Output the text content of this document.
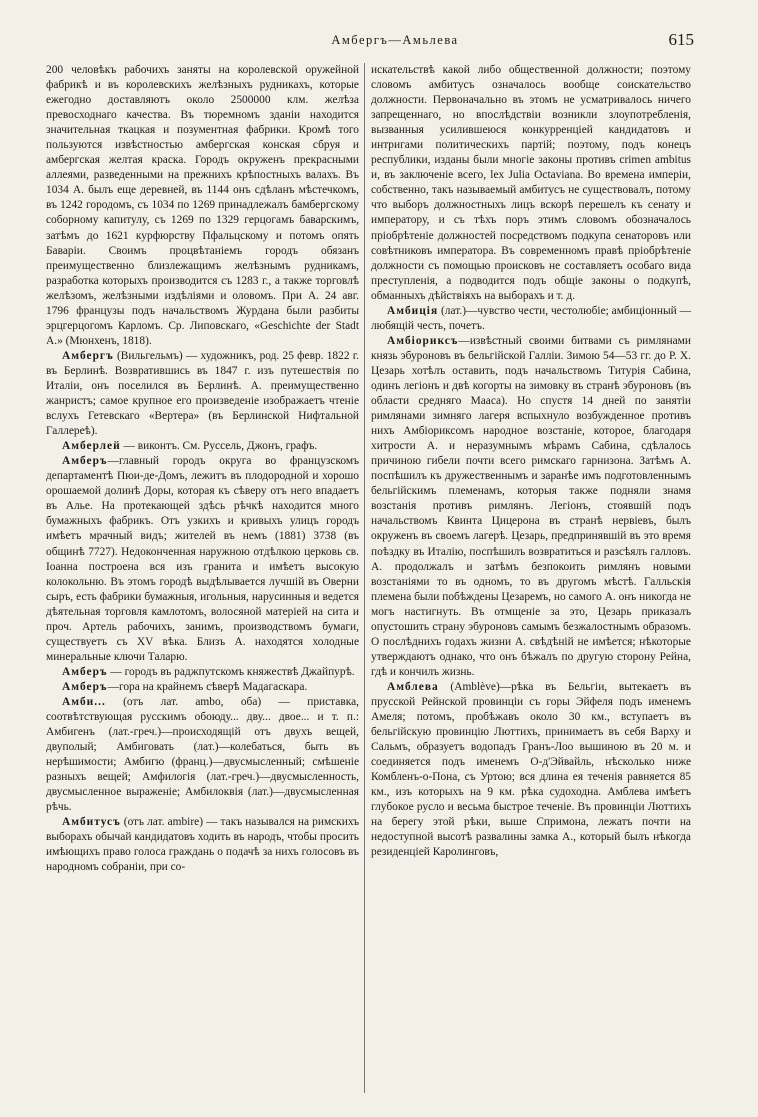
Амбергъ—Амьлева	615

200 человѣкъ рабочихъ заняты на королевской оружейной фабрикѣ и въ королевскихъ желѣзныхъ рудникахъ, которые ежегодно доставляютъ около 2500000 клм. желѣза превосходнаго качества. Въ тюремномъ зданіи находится значительная ткацкая и позументная фабрики. Кромѣ того пользуются извѣстностью амбергская конская сбруя и амбергская желтая краска. Городъ окруженъ прекрасными аллеями, разведенными на прежнихъ крѣпостныхъ валахъ. Въ 1034 А. былъ еще деревней, въ 1144 онъ сдѣланъ мѣстечкомъ, въ 1242 городомъ, съ 1034 по 1269 принадлежалъ бамбергскому соборному капитулу, съ 1269 по 1329 герцогамъ баварскимъ, затѣмъ до 1621 курфюрству Пфальцскому и потомъ опять Баваріи. Своимъ процвѣтаніемъ городъ обязанъ преимущественно близлежащимъ желѣзнымъ рудникамъ, разработка которыхъ производится съ 1283 г., а также торговлѣ желѣзомъ, желѣзными издѣліями и оловомъ. При А. 24 авг. 1796 французы подъ начальствомъ Журдана были разбиты эрцгерцогомъ Карломъ. Ср. Липовскаго, «Geschichte der Stadt A.» (Мюнхенъ, 1818).

Амбергъ (Вильгельмъ) — художникъ, род. 25 февр. 1822 г. въ Берлинѣ. Возвратившись въ 1847 г. изъ путешествія по Италіи, онъ поселился въ Берлинѣ. А. преимущественно жанристъ; самое крупное его произведеніе изображаетъ чтеніе вслухъ Гетевскаго «Вертера» (въ Берлинской Нифтальной Галлереѣ).

Амберлей — виконтъ. См. Руссель, Джонъ, графъ.

Амберъ—главный городъ округа во французскомъ департаментѣ Пюи-де-Домъ, лежитъ въ плодородной и хорошо орошаемой долинѣ Доры, которая къ сѣверу отъ него впадаетъ въ Алье. На протекающей здѣсь рѣчкѣ находится много бумажныхъ фабрикъ. Отъ узкихъ и кривыхъ улицъ городъ имѣетъ мрачный видъ; жителей въ немъ (1881) 3738 (въ общинѣ 7727). Недоконченная наружною отдѣлкою церковь св. Іоанна построена вся изъ гранита и имѣетъ высокую колокольню. Въ этомъ городѣ выдѣлывается лучшій въ Оверни сыръ, есть фабрики бумажныя, игольныя, нарусинныя и ведется дѣятельная торговля камлотомъ, волосяной матеріей на сита и проч. Артель рабочихъ, занимъ, производствомъ бумаги, существуетъ съ XV вѣка. Близъ А. находятся холодные минеральные ключи Таларю.

Амберъ — городъ въ раджпутскомъ княжествѣ Джайпурѣ.

Амберъ—гора на крайнемъ сѣверѣ Мадагаскара.

Амби... (отъ лат. ambo, оба) — приставка, соотвѣтствующая русскимъ обоюду... дву... двое... и т. п.: Амбигенъ (лат.-греч.)—происходящій отъ двухъ вещей, двуполый; Амбиговать (лат.)—колебаться, быть въ нерѣшимости; Амбигю (франц.)—двусмысленный; смѣшеніе разныхъ вещей; Амфилогія (лат.-греч.)—двусмысленность, двусмысленное выраженіе; Амбилоквія (лат.)—двусмысленная рѣчь.

Амбитусъ (отъ лат. ambire) — такъ назывался на римскихъ выборахъ обычай кандидатовъ ходить въ народъ, чтобы просить имѣющихъ право голоса граждань о подачѣ за нихъ голосовъ въ народномъ собраніи, при со-

искательствѣ какой либо общественной должности; поэтому словомъ амбитусъ означалось вообще соискательство должности. Первоначально въ этомъ не усматривалось ничего запрещеннаго, но впослѣдствіи возникли злоупотребленія, вызванныя усилившеюся конкурренціей кандидатовъ и интригами политическихъ партій; поэтому, подъ конецъ республики, изданы были многіе законы противъ crimen ambitus и, въ заключеніе всего, lex Julia Octaviana. Во времена имперіи, собственно, такъ называемый амбитусъ не существовалъ, потому что выборъ должностныхъ лицъ вскорѣ перешелъ къ сенату и императору, и съ тѣхъ поръ этимъ словомъ обозначалось пріобрѣтеніе должностей посредствомъ подкупа сенаторовъ или совѣтниковъ императора. Въ современномъ правѣ пріобрѣтеніе должности съ помощью происковъ не составляетъ особаго вида преступленія, а подводится подъ общіе законы о подкупѣ, обманныхъ дѣйствіяхъ на выборахъ и т. д.

Амбиція (лат.)—чувство чести, честолюбіе; амбиціонный — любящій честь, почетъ.

Амбіориксъ—извѣстный своими битвами съ римлянами князь эбуроновъ въ бельгійской Галліи. Зимою 54—53 гг. до Р. Х. Цезарь хотѣлъ оставить, подъ начальствомъ Титурія Сабина, одинъ легіонъ и двѣ когорты на зимовку въ странѣ эбуроновъ (въ области средняго Мааса). Но спустя 14 дней по занятіи римлянами зимняго лагеря вспыхнуло возбужденное противъ нихъ Амбіориксомъ народное возстаніе, которое, благодаря хитрости А. и неразумнымъ мѣрамъ Сабина, сдѣлалось причиною гибели почти всего римскаго гарнизона. Затѣмъ А. поспѣшилъ къ дружественнымъ и заранѣе имъ подготовленнымъ бельгійскимъ племенамъ, которыя также подняли знамя возстанія противъ римлянъ. Легіонъ, стоявшій подъ начальствомъ Квинта Цицерона въ странѣ нервіевъ, былъ окруженъ въ своемъ лагерѣ. Цезарь, предпринявшій въ это время поѣздку въ Италію, поспѣшилъ возвратиться и разсѣялъ галловъ. А. продолжалъ и затѣмъ безпокоить римлянъ новыми возстаніями то въ одномъ, то въ другомъ мѣстѣ. Галльскія племена были побѣждены Цезаремъ, но самого А. онъ никогда не могъ настигнуть. Въ отмщеніе за это, Цезарь приказалъ опустошить страну эбуроновъ самымъ безжалостнымъ образомъ. О послѣднихъ годахъ жизни А. свѣдѣній не имѣется; нѣкоторые утверждаютъ однако, что онъ бѣжалъ по другую сторону Рейна, гдѣ и кончилъ жизнь.

Амблева (Amblève)—рѣка въ Бельгіи, вытекаетъ въ прусской Рейнской провинціи съ горы Эйфеля подъ именемъ Амеля; потомъ, пробѣжавъ около 30 км., вступаетъ въ бельгійскую провинцію Люттихъ, принимаетъ въ себя Варху и Сальмъ, образуетъ водопадъ Гранъ-Лоо вышиною въ 20 м. и соединяется подъ именемъ О-д'Эйвайль, нѣсколько ниже Комбленъ-о-Пона, съ Уртою; вся длина ея теченія равняется 85 км., изъ которыхъ на 9 км. рѣка судоходна. Амблева имѣетъ глубокое русло и весьма быстрое теченіе. Въ провинціи Люттихъ на берегу этой рѣки, выше Спримона, лежатъ почти на недоступной высотѣ развалины замка А., который былъ нѣкогда резиденціей Каролинговъ,
